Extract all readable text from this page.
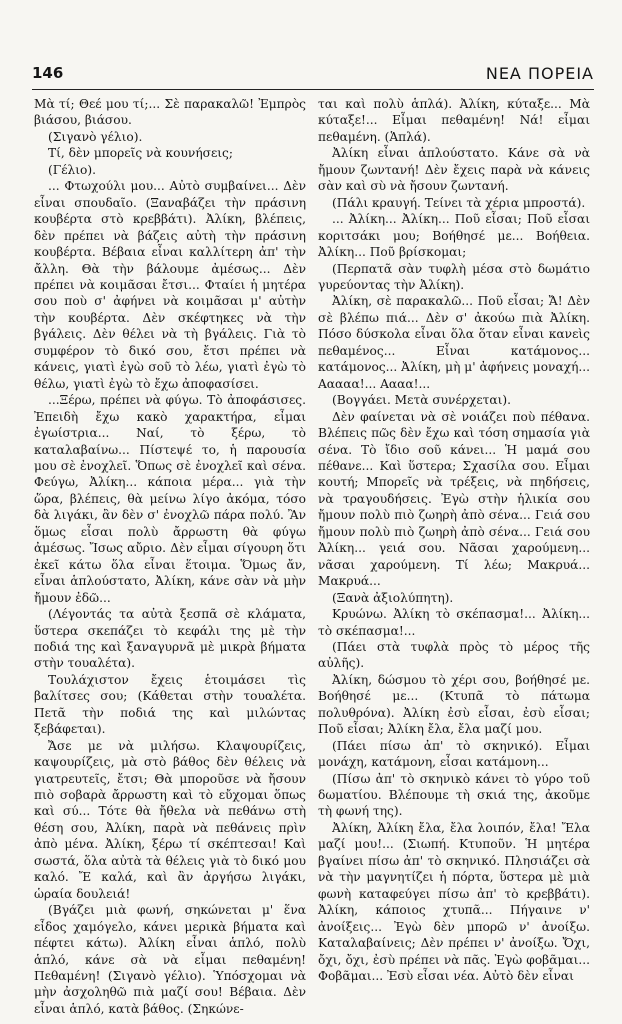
146	ΝΕΑ ΠΟΡΕΙΑ

Μὰ τί; Θεέ μου τί;... Σὲ παρακαλῶ! Ἐμπρὸς βιάσου, βιάσου.

(Σιγανὸ γέλιο).

Τί, δὲν μπορεῖς νὰ κουνήσεις;

(Γέλιο).

... Φτωχούλι μου... Αὐτὸ συμβαίνει... Δὲν εἶναι σπουδαῖο. (Ξαναβάζει τὴν πράσινη κουβέρτα στὸ κρεββάτι). Ἀλίκη, βλέπεις, δὲν πρέπει νὰ βάζεις αὐτὴ τὴν πράσινη κουβέρτα. Βέβαια εἶναι καλλίτερη ἀπ' τὴν ἄλλη. Θὰ τὴν βάλουμε ἀμέσως... Δὲν πρέπει νὰ κοιμᾶσαι ἔτσι... Φταίει ἡ μητέρα σου ποὺ σ' ἀφήνει νὰ κοιμᾶσαι μ' αὐτὴν τὴν κουβέρτα. Δὲν σκέφτηκες νὰ τὴν βγάλεις. Δὲν θέλει νὰ τὴ βγάλεις. Γιὰ τὸ συμφέρον τὸ δικό σου, ἔτσι πρέπει νὰ κάνεις, γιατὶ ἐγὼ σοῦ τὸ λέω, γιατὶ ἐγὼ τὸ θέλω, γιατὶ ἐγὼ τὸ ἔχω ἀποφασίσει.

...Ξέρω, πρέπει νὰ φύγω. Τὸ ἀποφάσισες. Ἐπειδὴ ἔχω κακὸ χαρακτήρα, εἶμαι ἐγωίστρια... Ναί, τὸ ξέρω, τὸ καταλαβαίνω... Πίστεψέ το, ἡ παρουσία μου σὲ ἐνοχλεῖ. Ὅπως σὲ ἐνοχλεῖ καὶ σένα. Φεύγω, Ἀλίκη... κάποια μέρα... γιὰ τὴν ὥρα, βλέπεις, θὰ μείνω λίγο ἀκόμα, τόσο δὰ λιγάκι, ἂν δὲν σ' ἐνοχλῶ πάρα πολύ. Ἂν ὅμως εἶσαι πολὺ ἄρρωστη θὰ φύγω ἀμέσως. Ἴσως αὔριο. Δὲν εἶμαι σίγουρη ὅτι ἐκεῖ κάτω ὅλα εἶναι ἕτοιμα. Ὅμως ἄν, εἶναι ἁπλούστατο, Ἀλίκη, κάνε σὰν νὰ μὴν ἤμουν ἐδῶ...

(Λέγοντάς τα αὐτὰ ξεσπᾶ σὲ κλάματα, ὕστερα σκεπάζει τὸ κεφάλι της μὲ τὴν ποδιά της καὶ ξαναγυρνᾶ μὲ μικρὰ βήματα στὴν τουαλέτα).

Τουλάχιστον ἔχεις ἑτοιμάσει τὶς βαλίτσες σου; (Κάθεται στὴν τουαλέτα. Πετᾶ τὴν ποδιά της καὶ μιλώντας ξεβάφεται).

Ἄσε με νὰ μιλήσω. Κλαψουρίζεις, καψουρίζεις, μὰ στὸ βάθος δὲν θέλεις νὰ γιατρευτεῖς, ἔτσι; Θὰ μποροῦσε νὰ ἤσουν πιὸ σοβαρὰ ἄρρωστη καὶ τὸ εὔχομαι ὅπως καὶ σύ... Τότε θὰ ἤθελα νὰ πεθάνω στὴ θέση σου, Ἀλίκη, παρὰ νὰ πεθάνεις πρὶν ἀπὸ μένα. Ἀλίκη, ξέρω τί σκέπτεσαι! Καὶ σωστά, ὅλα αὐτὰ τὰ θέλεις γιὰ τὸ δικό μου καλό. Ἔ καλά, καὶ ἂν ἀργήσω λιγάκι, ὡραία δουλειά!

(Βγάζει μιὰ φωνή, σηκώνεται μ' ἕνα εἶδος χαμόγελο, κάνει μερικὰ βήματα καὶ πέφτει κάτω). Ἀλίκη εἶναι ἁπλό, πολὺ ἁπλό, κάνε σὰ νὰ εἶμαι πεθαμένη! Πεθαμένη! (Σιγανὸ γέλιο). Ὑπόσχομαι νὰ μὴν ἀσχοληθῶ πιὰ μαζί σου! Βέβαια. Δὲν εἶναι ἁπλό, κατὰ βάθος. (Σηκώνε-

ται καὶ πολὺ ἁπλά). Ἀλίκη, κύταξε... Μὰ κύταξε!... Εἶμαι πεθαμένη! Νά! εἶμαι πεθαμένη. (Ἁπλά).

Ἀλίκη εἶναι ἁπλούστατο. Κάνε σὰ νὰ ἤμουν ζωντανή! Δὲν ἔχεις παρὰ νὰ κάνεις σὰν καὶ σὺ νὰ ἤσουν ζωντανή.

(Πάλι κραυγή. Τείνει τὰ χέρια μπροστά).

... Ἀλίκη... Ἀλίκη... Ποῦ εἶσαι; Ποῦ εἶσαι κοριτσάκι μου; Βοήθησέ με... Βοήθεια. Ἀλίκη... Ποῦ βρίσκομαι;

(Περπατᾶ σὰν τυφλὴ μέσα στὸ δωμάτιο γυρεύοντας τὴν Ἀλίκη).

Ἀλίκη, σὲ παρακαλῶ... Ποῦ εἶσαι; Ἄ! Δὲν σὲ βλέπω πιά... Δὲν σ' ἀκούω πιὰ Ἀλίκη. Πόσο δύσκολα εἶναι ὅλα ὅταν εἶναι κανεὶς πεθαμένος... Εἶναι κατάμονος... κατάμονος... Ἀλίκη, μὴ μ' ἀφήνεις μοναχή... Ααααα!... Αααα!...

(Βογγάει. Μετὰ συνέρχεται).

Δὲν φαίνεται νὰ σὲ νοιάζει ποὺ πέθανα. Βλέπεις πῶς δὲν ἔχω καὶ τόση σημασία γιὰ σένα. Τὸ ἴδιο σοῦ κάνει... Ἡ μαμά σου πέθανε... Καὶ ὕστερα; Σχασίλα σου. Εἶμαι κουτή; Μπορεῖς νὰ τρέξεις, νὰ πηδήσεις, νὰ τραγουδήσεις. Ἐγὼ στὴν ἡλικία σου ἤμουν πολὺ πιὸ ζωηρὴ ἀπὸ σένα... Γειά σου ἤμουν πολὺ πιὸ ζωηρὴ ἀπὸ σένα... Γειά σου Ἀλίκη... γειά σου. Νᾶσαι χαρούμενη... νᾶσαι χαρούμενη. Τί λέω; Μακρυά... Μακρυά...

(Ξανὰ ἀξιολύπητη).

Κρυώνω. Ἀλίκη τὸ σκέπασμα!... Ἀλίκη... τὸ σκέπασμα!...

(Πάει στὰ τυφλὰ πρὸς τὸ μέρος τῆς αὐλῆς).

Ἀλίκη, δώσμου τὸ χέρι σου, βοήθησέ με. Βοήθησέ με... (Κτυπᾶ τὸ πάτωμα πολυθρόνα). Ἀλίκη ἐσὺ εἶσαι, ἐσὺ εἶσαι; Ποῦ εἶσαι; Ἀλίκη ἔλα, ἔλα μαζί μου.

(Πάει πίσω ἀπ' τὸ σκηνικό). Εἶμαι μονάχη, κατάμονη, εἶσαι κατάμονη...

(Πίσω ἀπ' τὸ σκηνικὸ κάνει τὸ γύρο τοῦ δωματίου. Βλέπουμε τὴ σκιά της, ἀκοῦμε τὴ φωνή της).

Ἀλίκη, Ἀλίκη ἔλα, ἔλα λοιπόν, ἔλα! Ἔλα μαζί μου!... (Σιωπή. Κτυποῦν. Ἡ μητέρα βγαίνει πίσω ἀπ' τὸ σκηνικό. Πλησιάζει σὰ νὰ τὴν μαγνητίζει ἡ πόρτα, ὕστερα μὲ μιὰ φωνὴ καταφεύγει πίσω ἀπ' τὸ κρεββάτι). Ἀλίκη, κάποιος χτυπᾶ... Πήγαινε ν' ἀνοίξεις... Ἐγὼ δὲν μπορῶ ν' ἀνοίξω. Καταλαβαίνεις; Δὲν πρέπει ν' ἀνοίξω. Ὄχι, ὄχι, ὄχι, ἐσὺ πρέπει νὰ πᾶς. Ἐγὼ φοβᾶμαι... Φοβᾶμαι... Ἐσὺ εἶσαι νέα. Αὐτὸ δὲν εἶναι
